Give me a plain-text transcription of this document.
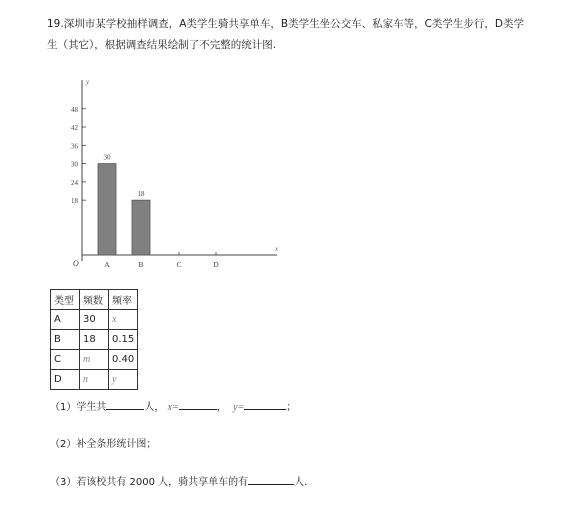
19.深圳市某学校抽样调查，A类学生骑共享单车，B类学生坐公交车、私家车等，C类学生步行，D类学
生（其它），根据调查结果绘制了不完整的统计图.
x
y
O
18
24
30
36
42
48
A
30
B
18
C	D
类型	频数	频率
A	30	x
B	18	0.15
C	m	0.40
D	n	y
（1）学生共	人， x=	， y=	；
（2）补全条形统计图；
（3）若该校共有 2000 人，骑共享单车的有	人.
